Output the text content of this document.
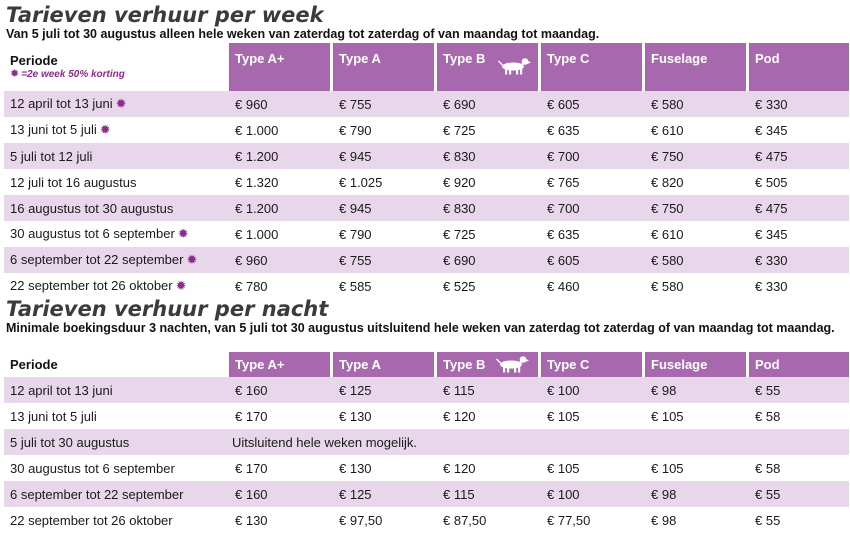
Tarieven verhuur per week

Van 5 juli tot 30 augustus alleen hele weken van zaterdag tot zaterdag of van maandag tot maandag.

Periode
✹ =2e week 50% korting	Type A+	Type A	Type B	Type C	Fuselage	Pod
12 april tot 13 juni ✹	€ 960	€ 755	€ 690	€ 605	€ 580	€ 330
13 juni tot 5 juli ✹	€ 1.000	€ 790	€ 725	€ 635	€ 610	€ 345
5 juli tot 12 juli	€ 1.200	€ 945	€ 830	€ 700	€ 750	€ 475
12 juli tot 16 augustus	€ 1.320	€ 1.025	€ 920	€ 765	€ 820	€ 505
16 augustus tot 30 augustus	€ 1.200	€ 945	€ 830	€ 700	€ 750	€ 475
30 augustus tot 6 september ✹	€ 1.000	€ 790	€ 725	€ 635	€ 610	€ 345
6 september tot 22 september ✹	€ 960	€ 755	€ 690	€ 605	€ 580	€ 330
22 september tot 26 oktober ✹	€ 780	€ 585	€ 525	€ 460	€ 580	€ 330
Tarieven verhuur per nacht

Minimale boekingsduur 3 nachten, van 5 juli tot 30 augustus uitsluitend hele weken van zaterdag tot zaterdag of van maandag tot maandag.

Periode	Type A+	Type A	Type B	Type C	Fuselage	Pod
12 april tot 13 juni	€ 160	€ 125	€ 115	€ 100	€ 98	€ 55
13 juni tot 5 juli	€ 170	€ 130	€ 120	€ 105	€ 105	€ 58
5 juli tot 30 augustus	Uitsluitend hele weken mogelijk.					
30 augustus tot 6 september	€ 170	€ 130	€ 120	€ 105	€ 105	€ 58
6 september tot 22 september	€ 160	€ 125	€ 115	€ 100	€ 98	€ 55
22 september tot 26 oktober	€ 130	€ 97,50	€ 87,50	€ 77,50	€ 98	€ 55
